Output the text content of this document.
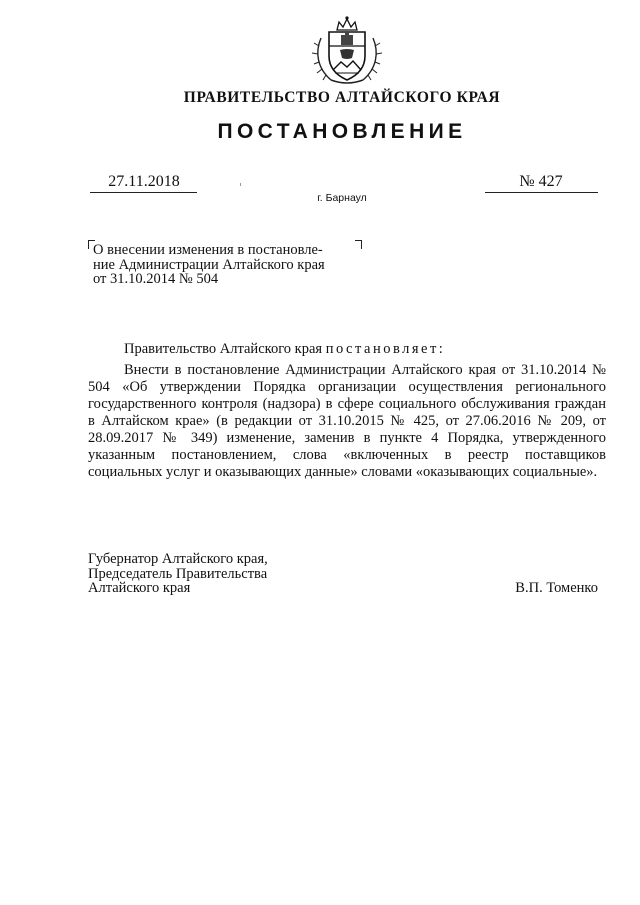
ПРАВИТЕЛЬСТВО АЛТАЙСКОГО КРАЯ
ПОСТАНОВЛЕНИЕ
27.11.2018	№ 427
г. Барнаул
О внесении изменения в постановле-
ние Администрации Алтайского края
от 31.10.2014 № 504
Правительство Алтайского края постановляет:
Внести в постановление Администрации Алтайского края от 31.10.2014 № 504 «Об утверждении Порядка организации осуществления регионального государственного контроля (надзора) в сфере социального обслуживания граждан в Алтайском крае» (в редакции от 31.10.2015 № 425, от 27.06.2016 № 209, от 28.09.2017 № 349) изменение, заменив в пункте 4 Порядка, утвержденного указанным постановлением, слова «включенных в реестр поставщиков социальных услуг и оказывающих данные» словами «оказывающих социальные».
Губернатор Алтайского края,
Председатель Правительства
Алтайского края	В.П. Томенко
